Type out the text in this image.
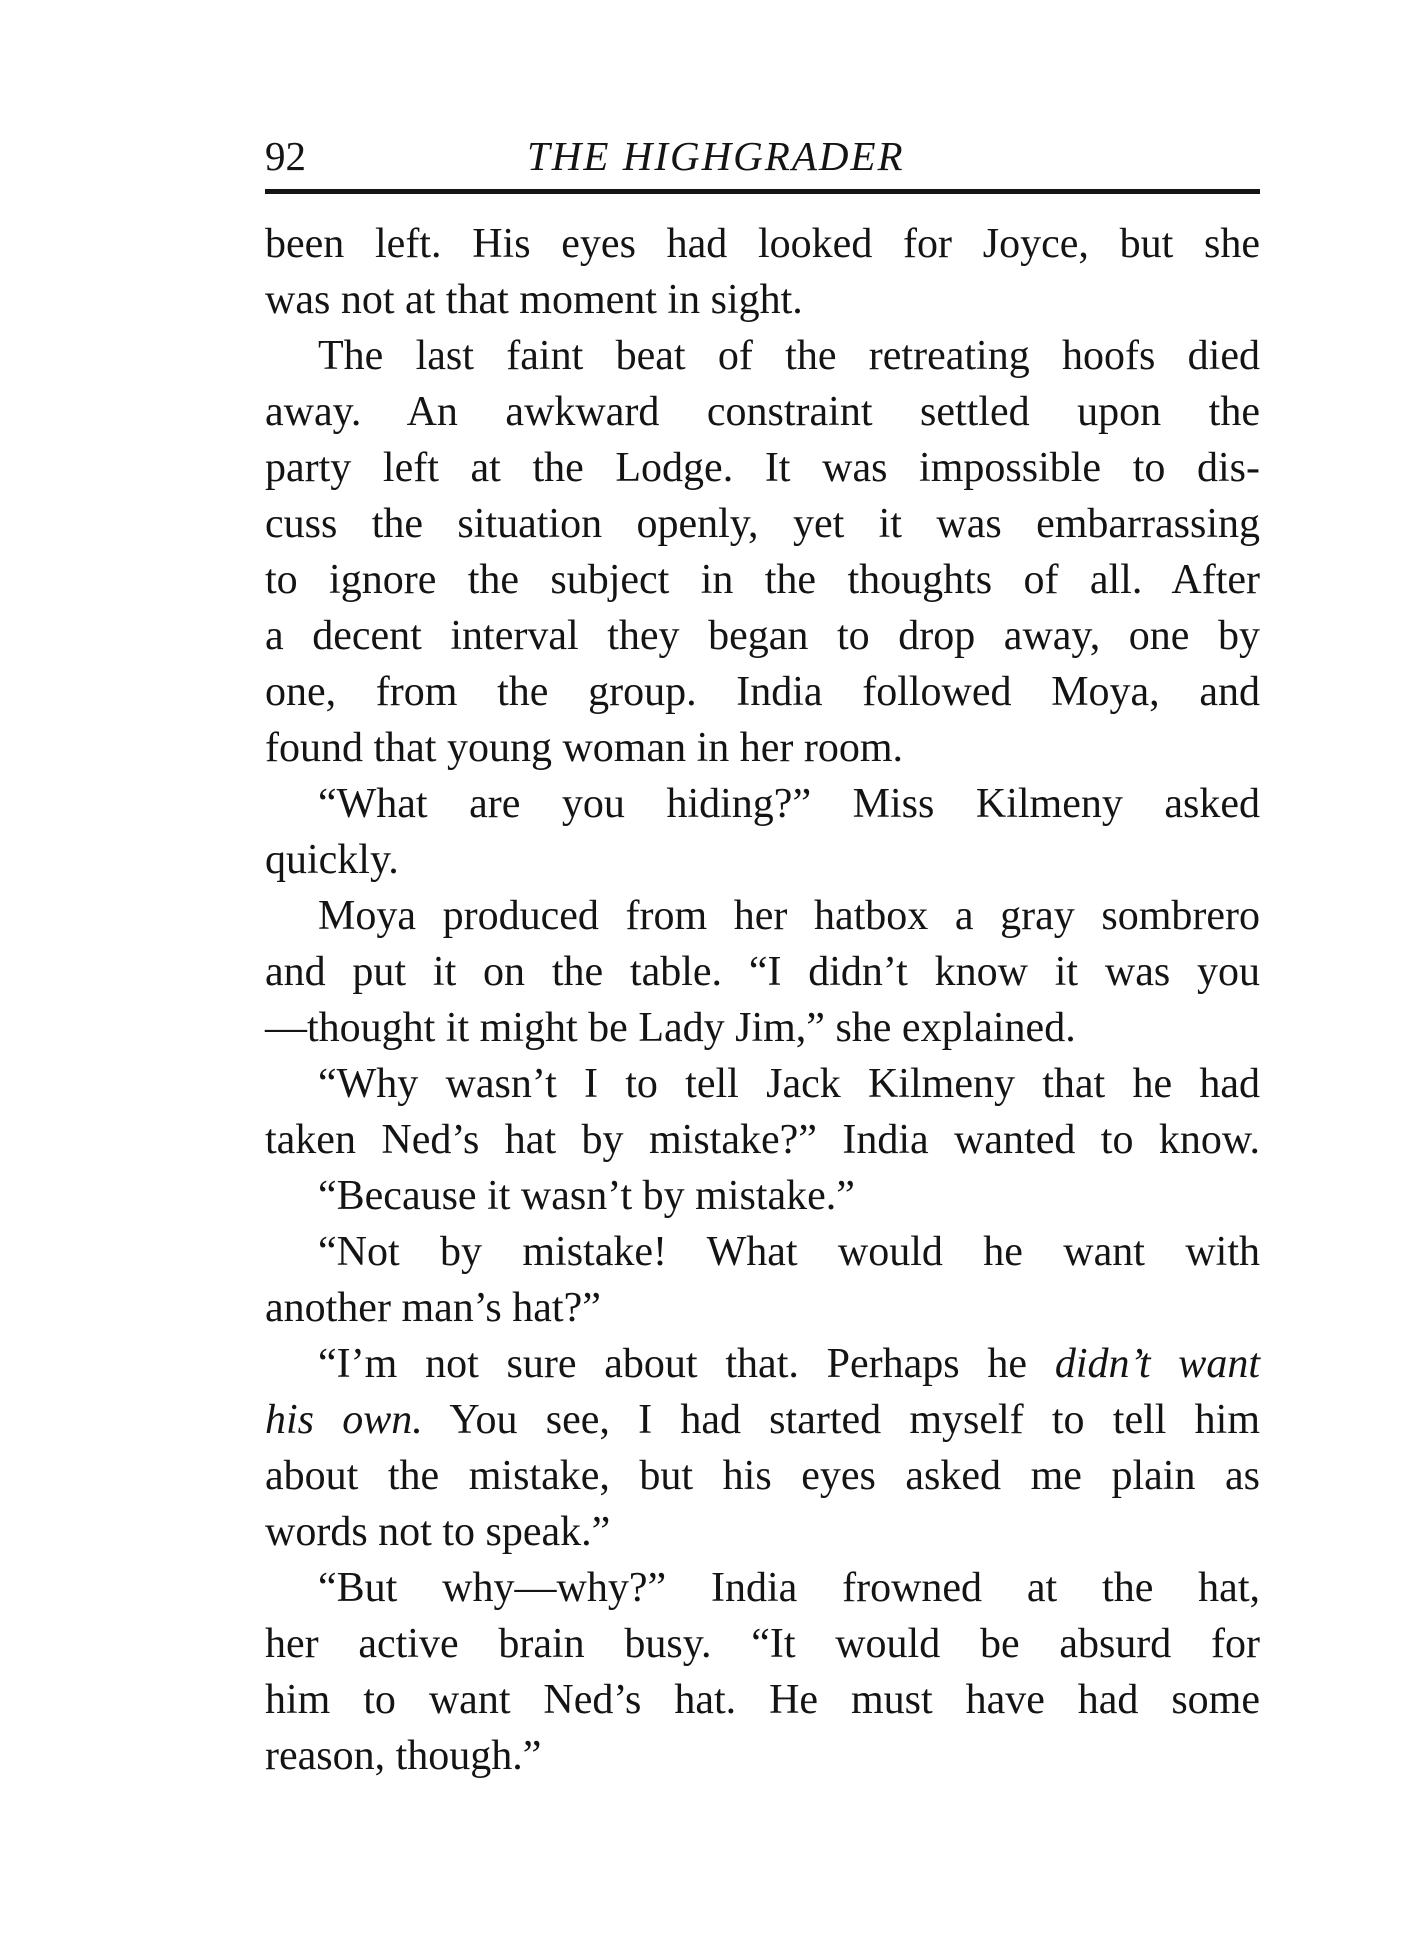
92	THE HIGHGRADER
been left. His eyes had looked for Joyce, but she
was not at that moment in sight.
The last faint beat of the retreating hoofs died
away. An awkward constraint settled upon the
party left at the Lodge. It was impossible to dis-
cuss the situation openly, yet it was embarrassing
to ignore the subject in the thoughts of all. After
a decent interval they began to drop away, one by
one, from the group. India followed Moya, and
found that young woman in her room.
“What are you hiding?” Miss Kilmeny asked
quickly.
Moya produced from her hatbox a gray sombrero
and put it on the table. “I didn’t know it was you
—thought it might be Lady Jim,” she explained.
“Why wasn’t I to tell Jack Kilmeny that he had
taken Ned’s hat by mistake?” India wanted to know.
“Because it wasn’t by mistake.”
“Not by mistake! What would he want with
another man’s hat?”
“I’m not sure about that. Perhaps he didn’t want
his own. You see, I had started myself to tell him
about the mistake, but his eyes asked me plain as
words not to speak.”
“But why—why?” India frowned at the hat,
her active brain busy. “It would be absurd for
him to want Ned’s hat. He must have had some
reason, though.”
